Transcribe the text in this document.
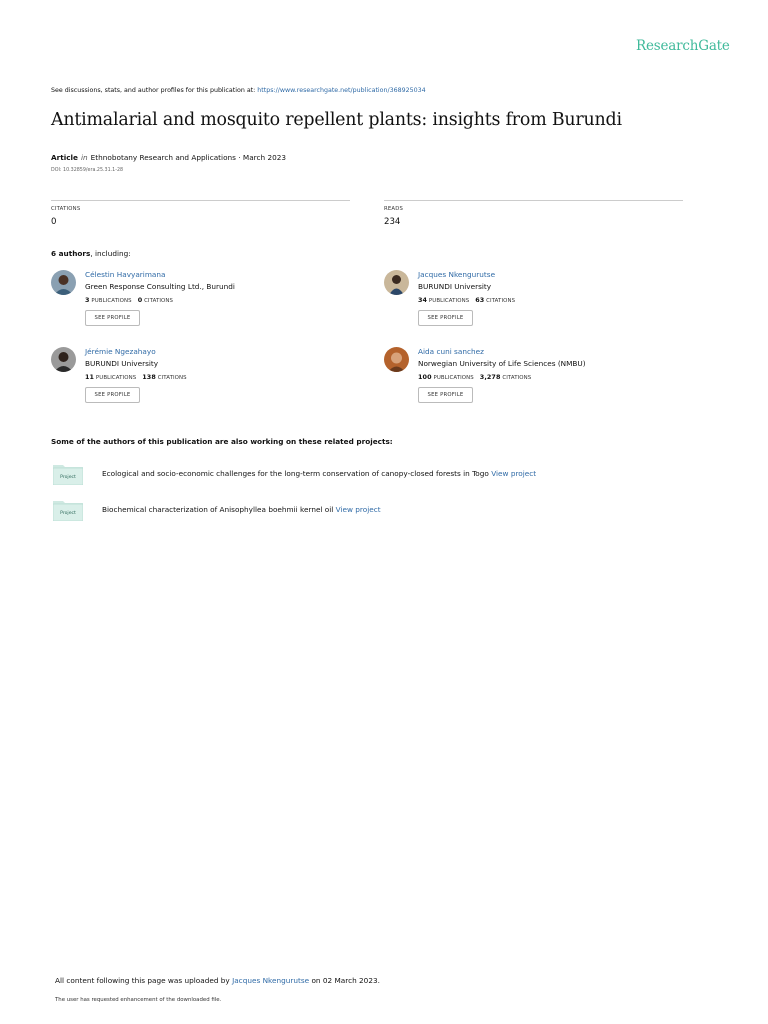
ResearchGate
See discussions, stats, and author profiles for this publication at: https://www.researchgate.net/publication/368925034
Antimalarial and mosquito repellent plants: insights from Burundi
Article in Ethnobotany Research and Applications · March 2023
DOI: 10.32859/era.25.31.1-28
CITATIONS
0
READS
234
6 authors, including:
Célestin Havyarimana
Green Response Consulting Ltd., Burundi
3 PUBLICATIONS 0 CITATIONS
SEE PROFILE
Jacques Nkengurutse
BURUNDI University
34 PUBLICATIONS 63 CITATIONS
SEE PROFILE
Jérémie Ngezahayo
BURUNDI University
11 PUBLICATIONS 138 CITATIONS
SEE PROFILE
Aida cuni sanchez
Norwegian University of Life Sciences (NMBU)
100 PUBLICATIONS 3,278 CITATIONS
SEE PROFILE
Some of the authors of this publication are also working on these related projects:
Project	Ecological and socio-economic challenges for the long-term conservation of canopy-closed forests in Togo View project
Project	Biochemical characterization of Anisophyllea boehmii kernel oil View project
All content following this page was uploaded by Jacques Nkengurutse on 02 March 2023.
The user has requested enhancement of the downloaded file.
